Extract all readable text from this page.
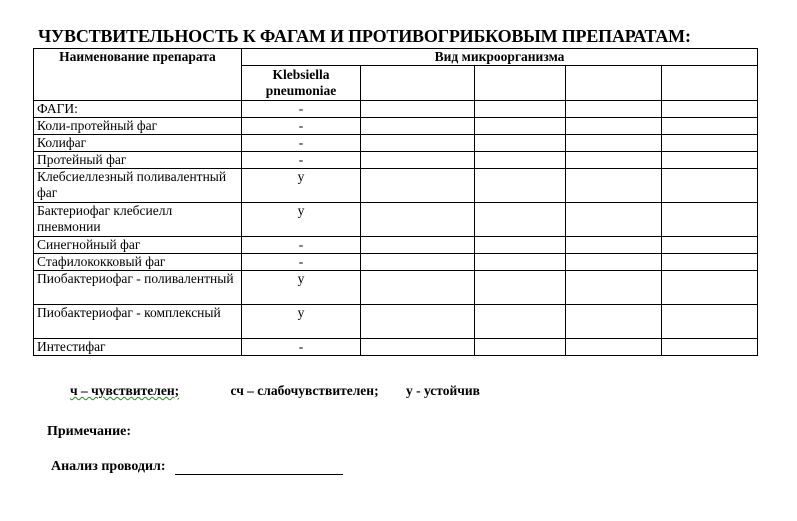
ЧУВСТВИТЕЛЬНОСТЬ К ФАГАМ И ПРОТИВОГРИБКОВЫМ ПРЕПАРАТАМ:
Наименование препарата	Вид микроорганизма				
	Klebsiella pneumoniae				
ФАГИ:	-				
Коли-протейный фаг	-				
Колифаг	-				
Протейный фаг	-				
Клебсиеллезный поливалентный фаг	у				
Бактериофаг клебсиелл пневмонии	у				
Синегнойный фаг	-				
Стафилококковый фаг	-				
Пиобактериофаг - поливалентный	у				
Пиобактериофаг - комплексный	у				
Интестифаг	-				
ч – чувствителен;	сч – слабочувствителен; у - устойчив

Примечание:

Анализ проводил:
